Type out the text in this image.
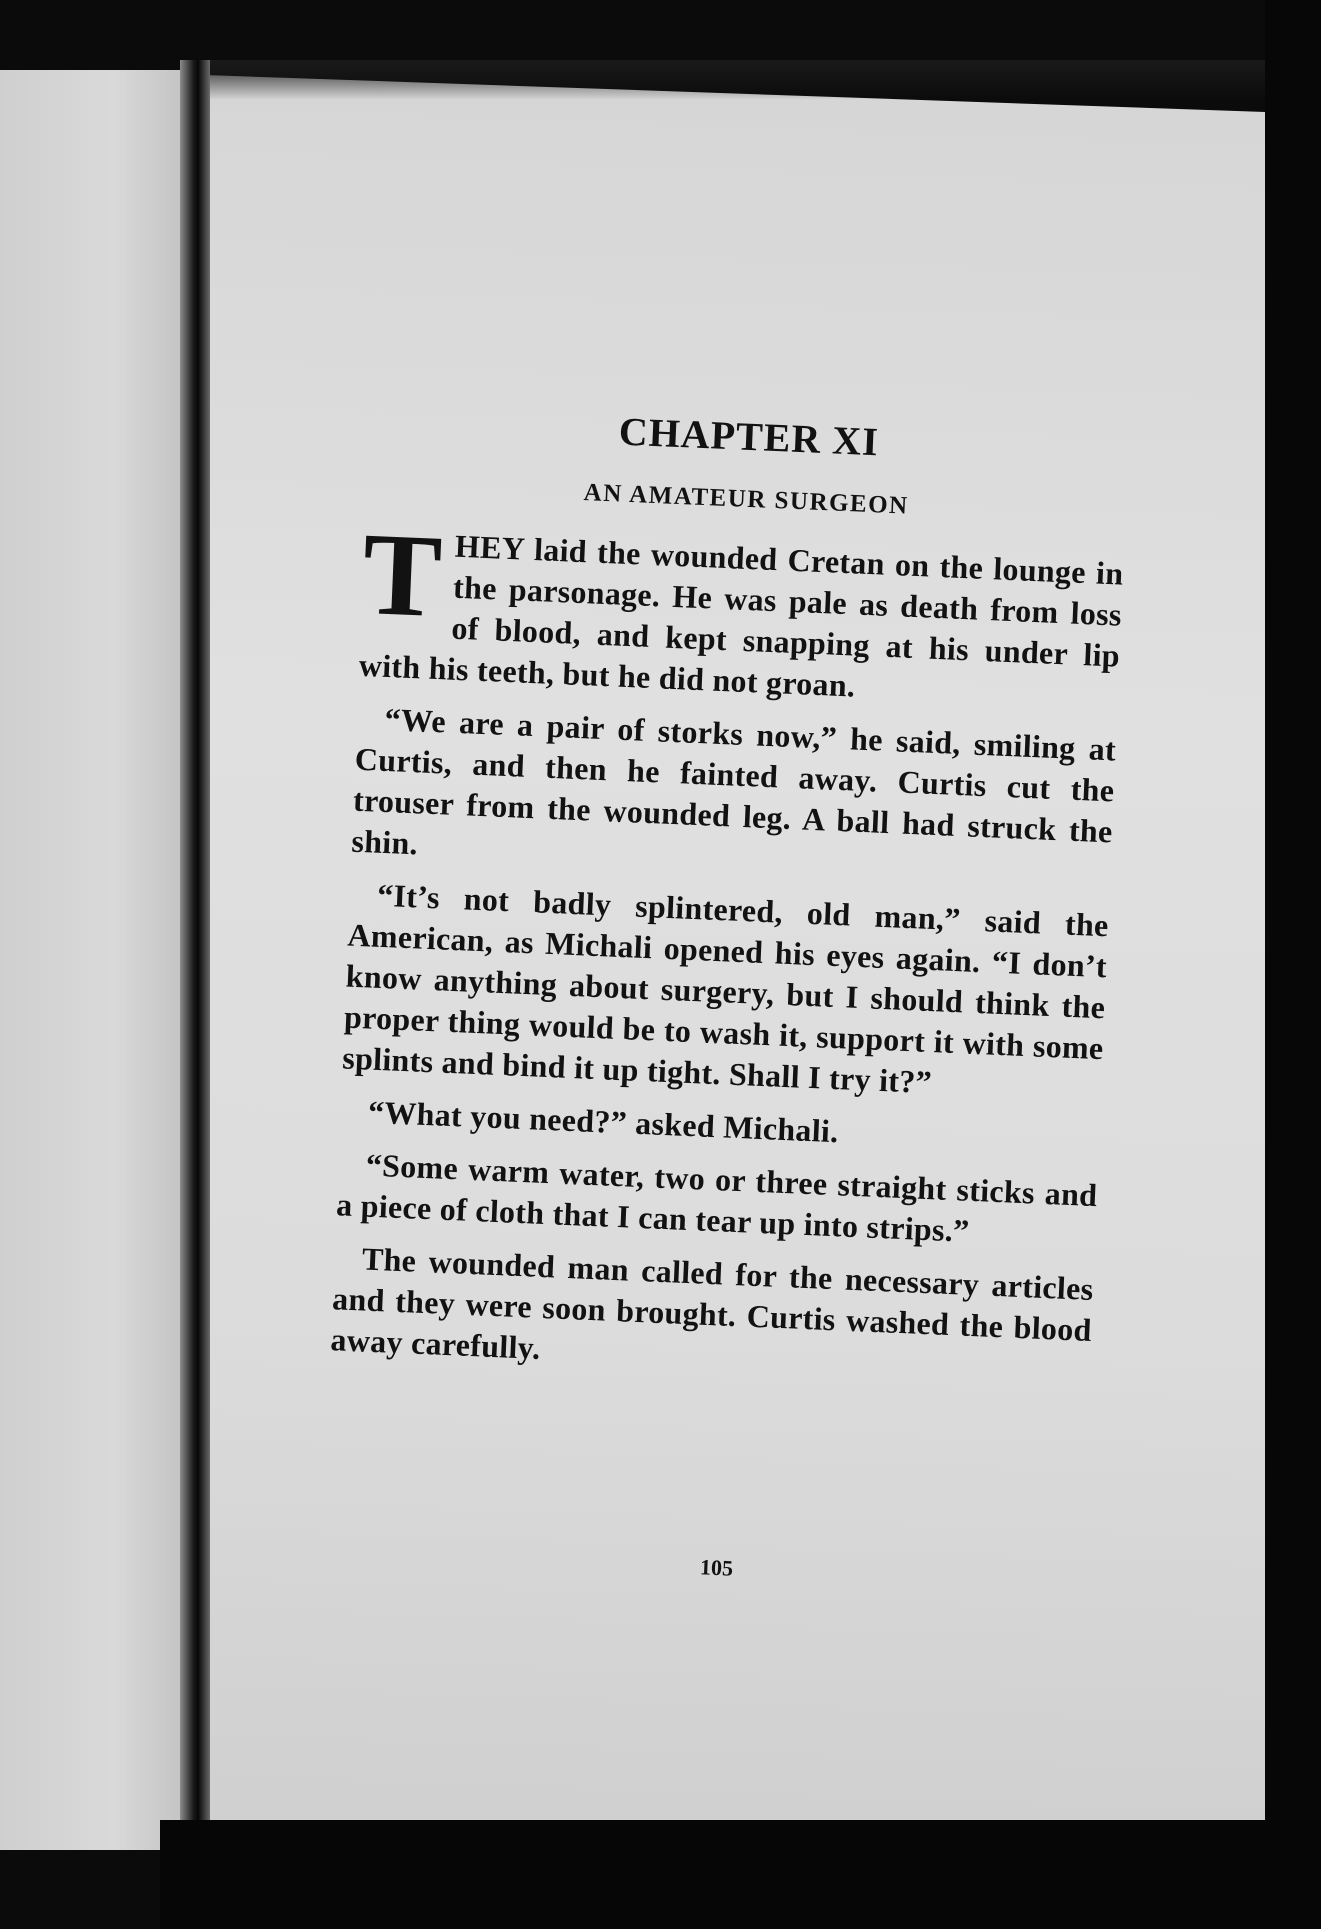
CHAPTER XI
AN AMATEUR SURGEON

T HEY laid the wounded Cretan on the lounge in the parsonage. He was pale as death from loss of blood, and kept snapping at his under lip with his teeth, but he did not groan.

“We are a pair of storks now,” he said, smiling at Curtis, and then he fainted away. Curtis cut the trouser from the wounded leg. A ball had struck the shin.

“It’s not badly splintered, old man,” said the American, as Michali opened his eyes again. “I don’t know anything about surgery, but I should think the proper thing would be to wash it, support it with some splints and bind it up tight. Shall I try it?”

“What you need?” asked Michali.

“Some warm water, two or three straight sticks and a piece of cloth that I can tear up into strips.”

The wounded man called for the necessary articles and they were soon brought. Curtis washed the blood away carefully.

105
